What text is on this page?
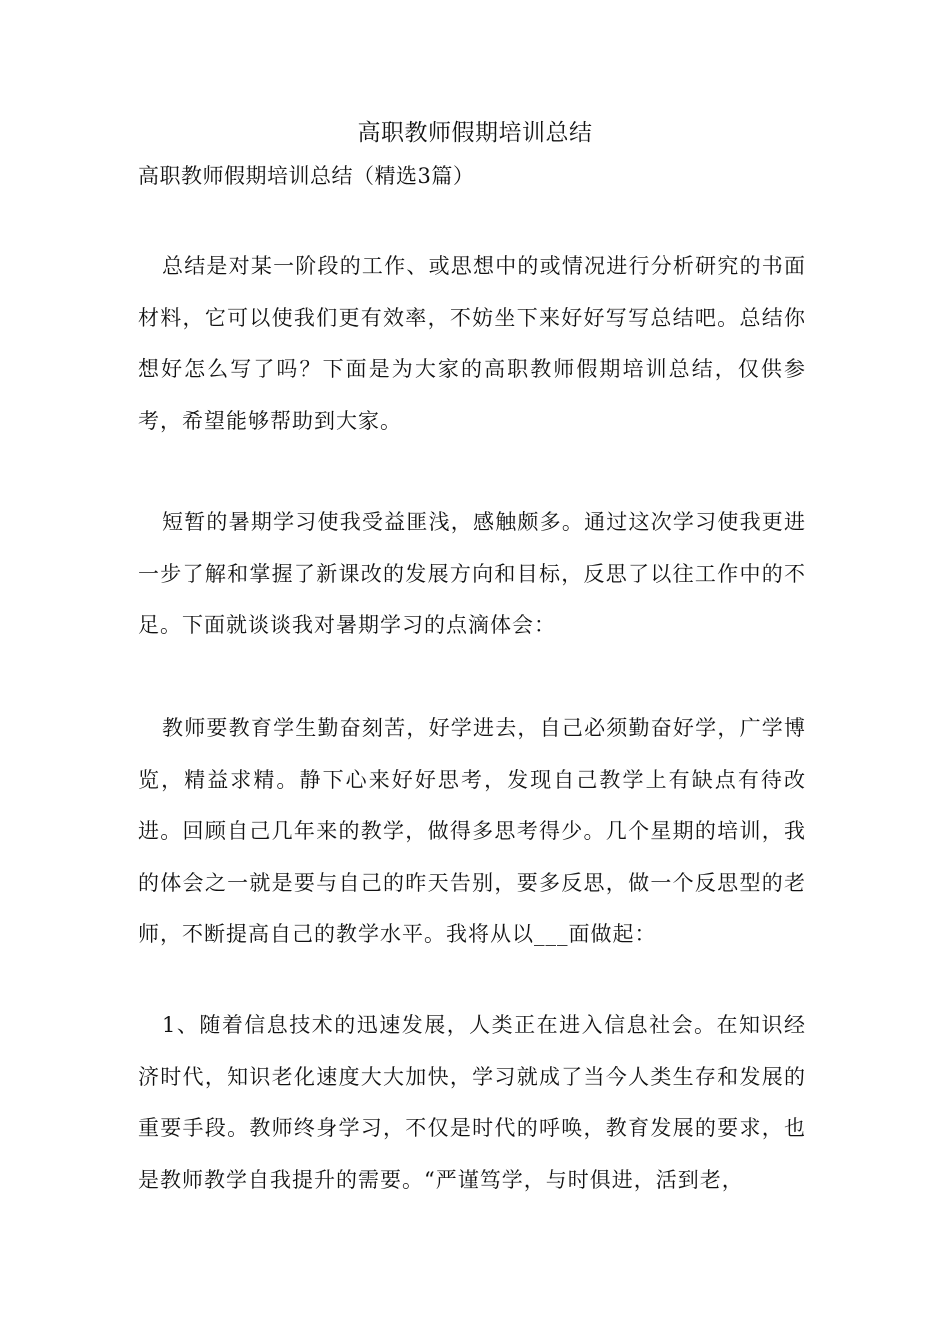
高职教师假期培训总结
高职教师假期培训总结（精选3篇）

总结是对某一阶段的工作、或思想中的或情况进行分析研究的书面材料，它可以使我们更有效率，不妨坐下来好好写写总结吧。总结你想好怎么写了吗？下面是为大家的高职教师假期培训总结，仅供参考，希望能够帮助到大家。

短暂的暑期学习使我受益匪浅，感触颇多。通过这次学习使我更进一步了解和掌握了新课改的发展方向和目标，反思了以往工作中的不足。下面就谈谈我对暑期学习的点滴体会：

教师要教育学生勤奋刻苦，好学进去，自己必须勤奋好学，广学博览，精益求精。静下心来好好思考，发现自己教学上有缺点有待改进。回顾自己几年来的教学，做得多思考得少。几个星期的培训，我的体会之一就是要与自己的昨天告别，要多反思，做一个反思型的老师，不断提高自己的教学水平。我将从以___面做起：

1、随着信息技术的迅速发展，人类正在进入信息社会。在知识经济时代，知识老化速度大大加快，学习就成了当今人类生存和发展的重要手段。教师终身学习，不仅是时代的呼唤，教育发展的要求，也是教师教学自我提升的需要。“严谨笃学，与时俱进，活到老，
